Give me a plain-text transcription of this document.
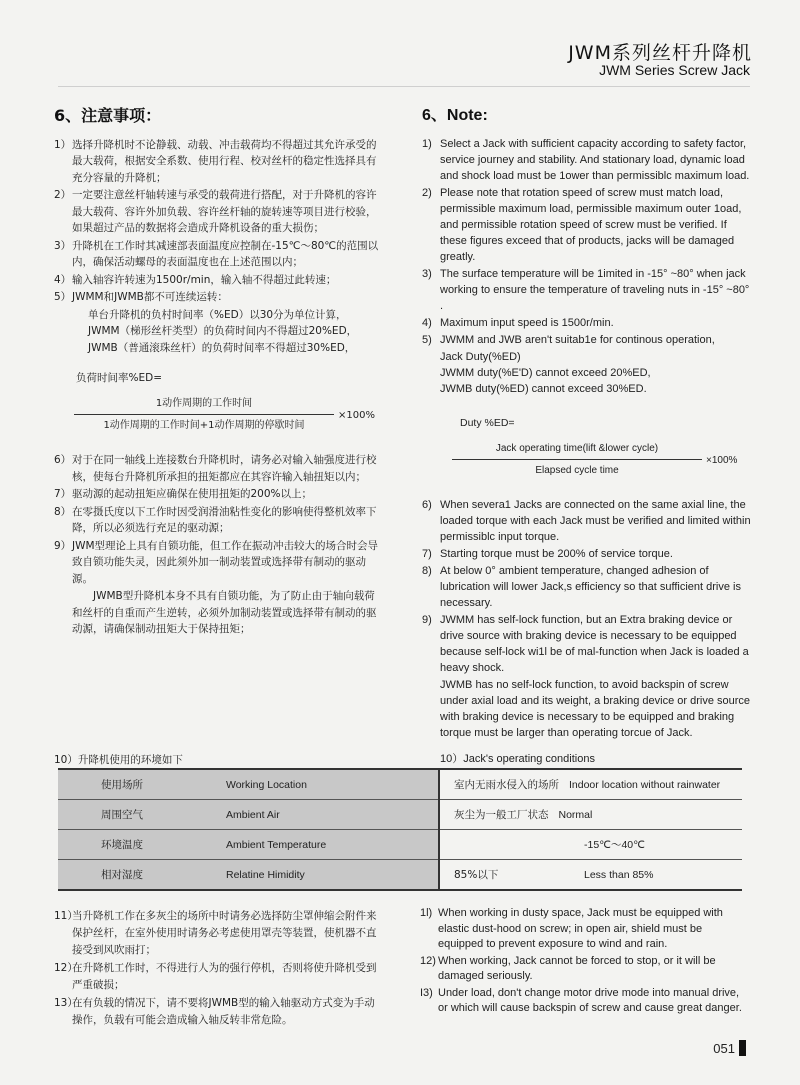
JWM系列丝杆升降机
JWM Series Screw Jack
6、注意事项：
1） 选择升降机时不论静载、动载、冲击载荷均不得超过其允许承受的最大载荷，根据安全系数、使用行程、校对丝杆的稳定性选择具有充分容量的升降机；
2） 一定要注意丝杆轴转速与承受的载荷进行搭配，对于升降机的容许最大载荷、容许外加负载、容许丝杆轴的旋转速等项目进行校验，如果超过产品的数据将会造成升降机设备的重大损伤；
3） 升降机在工作时其减速部表面温度应控制在-15℃～80℃的范围以内，确保活动螺母的表面温度也在上述范围以内；
4） 输入轴容许转速为1500r/min，输入轴不得超过此转速；
5） JWMM和JWMB都不可连续运转：
单台升降机的负村时间率（%ED）以30分为单位计算，
JWMM（梯形丝杆类型）的负荷时间内不得超过20%ED，
JWMB（普通滚珠丝杆）的负荷时间率不得超过30%ED，
负荷时间率%ED=
1动作周期的工作时间
1动作周期的工作时间+1动作周期的停歇时间
×100%
6） 对于在同一轴线上连接数台升降机时，请务必对输入轴强度进行校核，使每台升降机所承担的扭矩都应在其容许输入轴扭矩以内；
7） 驱动源的起动扭矩应确保在使用扭矩的200%以上；
8） 在零摄氏度以下工作时因受润滑油粘性变化的影响使得整机效率下降，所以必须选行充足的驱动源；
9） JWM型理论上具有自锁功能，但工作在振动冲击较大的场合时会导致自锁功能失灵，因此须外加一制动装置或选择带有制动的驱动源。
JWMB型升降机本身不具有自锁功能，为了防止由于轴向载荷和丝杆的自重而产生逆转，必须外加制动装置或选择带有制动的驱动源，请确保制动扭矩大于保持扭矩；
6、Note:
1) Select a Jack with sufficient capacity according to safety factor, service journey and stability. And stationary load, dynamic load and shock load must be 1ower than permissiblc maximum load.
2) Please note that rotation speed of screw must match load, permissible maximum load, permissible maximum outer 1oad, and permissible rotation speed of screw must be verified. If these figures exceed that of products, jacks will be damaged greatly.
3) The surface temperature will be 1imited in -15° ~80° when jack working to ensure the temperature of traveling nuts in -15° ~80° .
4) Maximum input speed is 1500r/min.
5) JWMM and JWB aren't suitab1e for continous operation,
Jack Duty(%ED)
JWMM duty(%E'D) cannot exceed 20%ED,
JWMB duty(%ED) cannot exceed 30%ED.
Duty %ED=
Jack operating time(lift &lower cycle)
Elapsed cycle time
×100%
6) When severa1 Jacks are connected on the same axial line, the loaded torque with each Jack must be verified and limited within permissiblc input torque.
7) Starting torque must be 200% of service torque.
8) At below 0° ambient temperature, changed adhesion of lubrication will lower Jack,s efficiency so that sufficient drive is necessary.
9) JWMM has self-lock function, but an Extra braking device or drive source with braking device is necessary to be equipped because self-lock wi1l be of mal-function when Jack is loaded a heavy shock.
JWMB has no self-lock function, to avoid backspin of screw under axial load and its weight, a braking device or drive source with braking device is necessary to be equipped and braking torque must be larger than operating torcue of Jack.
10）升降机使用的环境如下	10）Jack's operating conditions
使用场所	Working Location	室内无雨水侵入的场所 Indoor location without rainwater
周围空气	Ambient Air	灰尘为一般工厂状态 Normal
环境温度	Ambient Temperature	-15℃～40℃
相对湿度	Relatine Himidity	85%以下 Less than 85%
11）
当升降机工作在多灰尘的场所中时请务必选择防尘罩伸缩会附件来保护丝杆，在室外使用时请务必考虑使用罩壳等装置，使机器不直接受到风吹雨打；
12）
在升降机工作时，不得进行人为的强行停机，否则将使升降机受到严重破损；
13）
在有负载的情况下，请不要将JWMB型的输入轴驱动方式变为手动操作，负载有可能会造成输入轴反转非常危险。
1l) When working in dusty space, Jack must be equipped with elastic dust-hood on screw; in open air, shield must be equipped to prevent exposure to wind and rain.
12) When working, Jack cannot be forced to stop, or it will be damaged seriously.
I3) Under load, don't change motor drive mode into manual drive, or which will cause backspin of screw and cause great danger.
051
